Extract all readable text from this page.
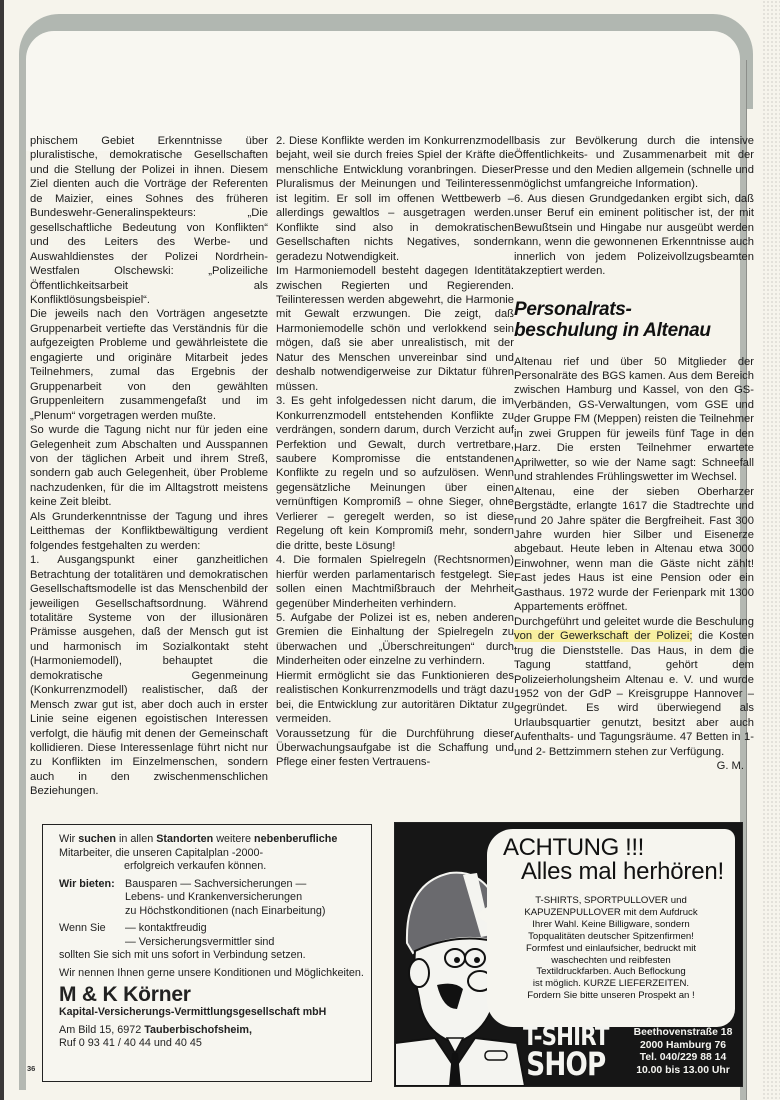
phischem Gebiet Erkenntnisse über pluralistische, demokratische Gesellschaften und die Stellung der Polizei in ihnen. Diesem Ziel dienten auch die Vorträge der Referenten de Maizier, eines Sohnes des früheren Bundeswehr-Generalinspekteurs: „Die gesellschaftliche Bedeutung von Konflikten“ und des Leiters des Werbe- und Auswahldienstes der Polizei Nordrhein-Westfalen Olschewski: „Polizeiliche Öffentlichkeitsarbeit als Konfliktlösungsbeispiel“.

Die jeweils nach den Vorträgen angesetzte Gruppenarbeit vertiefte das Verständnis für die aufgezeigten Probleme und gewährleistete die engagierte und originäre Mitarbeit jedes Teilnehmers, zumal das Ergebnis der Gruppenarbeit von den gewählten Gruppenleitern zusammengefaßt und im „Plenum“ vorgetragen werden mußte.

So wurde die Tagung nicht nur für jeden eine Gelegenheit zum Abschalten und Ausspannen von der täglichen Arbeit und ihrem Streß, sondern gab auch Gelegenheit, über Probleme nachzudenken, für die im Alltagstrott meistens keine Zeit bleibt.

Als Grunderkenntnisse der Tagung und ihres Leitthemas der Konfliktbewältigung verdient folgendes festgehalten zu werden:

1. Ausgangspunkt einer ganzheitlichen Betrachtung der totalitären und demokratischen Gesellschaftsmodelle ist das Menschenbild der jeweiligen Gesellschaftsordnung. Während totalitäre Systeme von der illusionären Prämisse ausgehen, daß der Mensch gut ist und harmonisch im Sozialkontakt steht (Harmoniemodell), behauptet die demokratische Gegenmeinung (Konkurrenzmodell) realistischer, daß der Mensch zwar gut ist, aber doch auch in erster Linie seine eigenen egoistischen Interessen verfolgt, die häufig mit denen der Gemeinschaft kollidieren. Diese Interessenlage führt nicht nur zu Konflikten im Einzelmenschen, sondern auch in den zwischenmenschlichen Beziehungen.

2. Diese Konflikte werden im Konkurrenzmodell bejaht, weil sie durch freies Spiel der Kräfte die menschliche Entwicklung voranbringen. Dieser Pluralismus der Meinungen und Teilinteressen ist legitim. Er soll im offenen Wettbewerb – allerdings gewaltlos – ausgetragen werden. Konflikte sind also in demokratischen Gesellschaften nichts Negatives, sondern geradezu Notwendigkeit.

Im Harmoniemodell besteht dagegen Identität zwischen Regierten und Regierenden. Teilinteressen werden abgewehrt, die Harmonie mit Gewalt erzwungen. Die zeigt, daß Harmoniemodelle schön und verlokkend sein mögen, daß sie aber unrealistisch, mit der Natur des Menschen unvereinbar sind und deshalb notwendigerweise zur Diktatur führen müssen.

3. Es geht infolgedessen nicht darum, die im Konkurrenzmodell entstehenden Konflikte zu verdrängen, sondern darum, durch Verzicht auf Perfektion und Gewalt, durch vertretbare, saubere Kompromisse die entstandenen Konflikte zu regeln und so aufzulösen. Wenn gegensätzliche Meinungen über einen vernünftigen Kompromiß – ohne Sieger, ohne Verlierer – geregelt werden, so ist diese Regelung oft kein Kompromiß mehr, sondern die dritte, beste Lösung!

4. Die formalen Spielregeln (Rechtsnormen) hierfür werden parlamentarisch festgelegt. Sie sollen einen Machtmißbrauch der Mehrheit gegenüber Minderheiten verhindern.

5. Aufgabe der Polizei ist es, neben anderen Gremien die Einhaltung der Spielregeln zu überwachen und „Überschreitungen“ durch Minderheiten oder einzelne zu verhindern.

Hiermit ermöglicht sie das Funktionieren des realistischen Konkurrenzmodells und trägt dazu bei, die Entwicklung zur autoritären Diktatur zu vermeiden.

Voraussetzung für die Durchführung dieser Überwachungsaufgabe ist die Schaffung und Pflege einer festen Vertrauens-

basis zur Bevölkerung durch die intensive Öffentlichkeits- und Zusammenarbeit mit der Presse und den Medien allgemein (schnelle und möglichst umfangreiche Information).

6. Aus diesen Grundgedanken ergibt sich, daß unser Beruf ein eminent politischer ist, der mit Bewußtsein und Hingabe nur ausgeübt werden kann, wenn die gewonnenen Erkenntnisse auch innerlich von jedem Polizeivollzugsbeamten akzeptiert werden.

Personalrats-
beschulung in Altenau

Altenau rief und über 50 Mitglieder der Personalräte des BGS kamen. Aus dem Bereich zwischen Hamburg und Kassel, von den GS-Verbänden, GS-Verwaltungen, vom GSE und der Gruppe FM (Meppen) reisten die Teilnehmer in zwei Gruppen für jeweils fünf Tage in den Harz. Die ersten Teilnehmer erwartete Aprilwetter, so wie der Name sagt: Schneefall und strahlendes Frühlingswetter im Wechsel.

Altenau, eine der sieben Oberharzer Bergstädte, erlangte 1617 die Stadtrechte und rund 20 Jahre später die Bergfreiheit. Fast 300 Jahre wurden hier Silber und Eisenerze abgebaut. Heute leben in Altenau etwa 3000 Einwohner, wenn man die Gäste nicht zählt! Fast jedes Haus ist eine Pension oder ein Gasthaus. 1972 wurde der Ferienpark mit 1300 Appartements eröffnet.

Durchgeführt und geleitet wurde die Beschulung von der Gewerkschaft der Polizei; die Kosten trug die Dienststelle. Das Haus, in dem die Tagung stattfand, gehört dem Polizeierholungsheim Altenau e. V. und wurde 1952 von der GdP – Kreisgruppe Hannover – gegründet. Es wird überwiegend als Urlaubsquartier genutzt, besitzt aber auch Aufenthalts- und Tagungsräume. 47 Betten in 1- und 2- Bettzimmern stehen zur Verfügung.

G. M.

Wir suchen in allen Standorten weitere nebenberufliche

Mitarbeiter, die unseren Capitalplan -2000-

erfolgreich verkaufen können.

Wir bieten: Bausparen — Sachversicherungen —
Lebens- und Krankenversicherungen
zu Höchstkonditionen (nach Einarbeitung)
Wenn Sie	— kontaktfreudig
— Versicherungsvermittler sind

sollten Sie sich mit uns sofort in Verbindung setzen.

Wir nennen Ihnen gerne unsere Konditionen und Möglichkeiten.

M & K Körner
Kapital-Versicherungs-Vermittlungsgesellschaft mbH

Am Bild 15, 6972 Tauberbischofsheim,

Ruf 0 93 41 / 40 44 und 40 45

36
ACHTUNG !!!
Alles mal herhören!
T-SHIRTS, SPORTPULLOVER und
KAPUZENPULLOVER mit dem Aufdruck
Ihrer Wahl. Keine Billigware, sondern
Topqualitäten deutscher Spitzenfirmen!
Formfest und einlaufsicher, bedruckt mit
waschechten und reibfesten
Textildruckfarben. Auch Beflockung
ist möglich. KURZE LIEFERZEITEN.
Fordern Sie bitte unseren Prospekt an !
T-SHIRT
SHOP
Beethovenstraße 18
2000 Hamburg 76
Tel. 040/229 88 14
10.00 bis 13.00 Uhr
